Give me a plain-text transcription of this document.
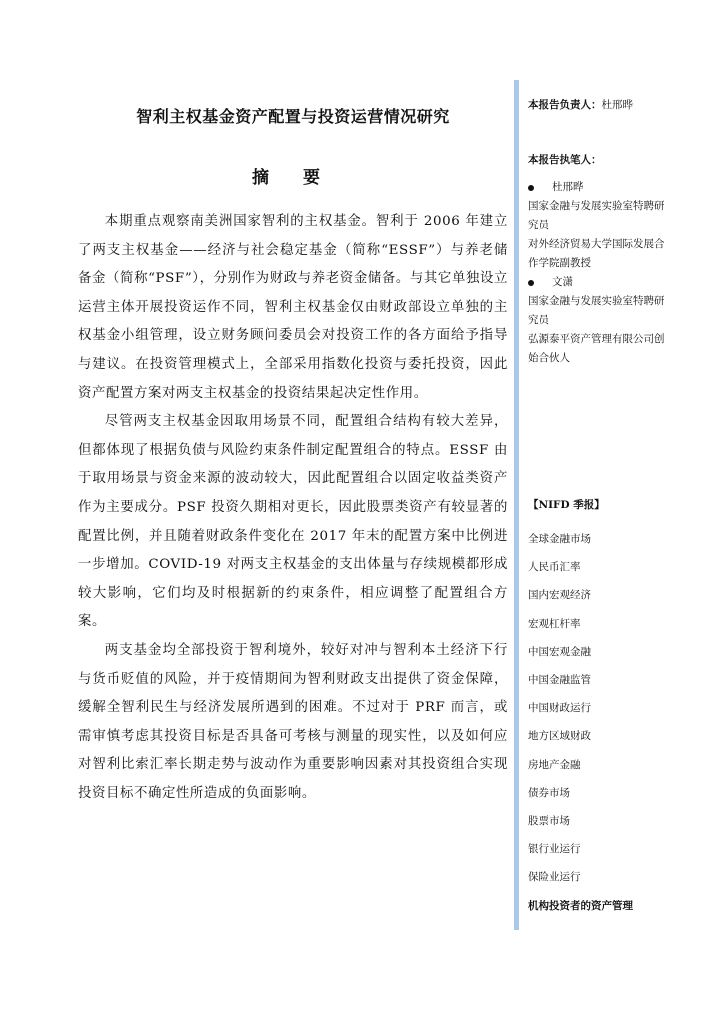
智利主权基金资产配置与投资运营情况研究
摘 要

本期重点观察南美洲国家智利的主权基金。智利于 2006 年建立了两支主权基金——经济与社会稳定基金（简称“ESSF”）与养老储备金（简称“PSF”），分别作为财政与养老资金储备。与其它单独设立运营主体开展投资运作不同，智利主权基金仅由财政部设立单独的主权基金小组管理，设立财务顾问委员会对投资工作的各方面给予指导与建议。在投资管理模式上，全部采用指数化投资与委托投资，因此资产配置方案对两支主权基金的投资结果起决定性作用。

尽管两支主权基金因取用场景不同，配置组合结构有较大差异，但都体现了根据负债与风险约束条件制定配置组合的特点。ESSF 由于取用场景与资金来源的波动较大，因此配置组合以固定收益类资产作为主要成分。PSF 投资久期相对更长，因此股票类资产有较显著的配置比例，并且随着财政条件变化在 2017 年末的配置方案中比例进一步增加。COVID-19 对两支主权基金的支出体量与存续规模都形成较大影响，它们均及时根据新的约束条件，相应调整了配置组合方案。

两支基金均全部投资于智利境外，较好对冲与智利本土经济下行与货币贬值的风险，并于疫情期间为智利财政支出提供了资金保障，缓解全智利民生与经济发展所遇到的困难。不过对于 PRF 而言，或需审慎考虑其投资目标是否具备可考核与测量的现实性，以及如何应对智利比索汇率长期走势与波动作为重要影响因素对其投资组合实现投资目标不确定性所造成的负面影响。

本报告负责人：杜邢晔
本报告执笔人：
杜邢晔
国家金融与发展实验室特聘研究员
对外经济贸易大学国际发展合作学院副教授
文潇
国家金融与发展实验室特聘研究员
弘源泰平资产管理有限公司创始合伙人
【NIFD 季报】
全球金融市场
人民币汇率
国内宏观经济
宏观杠杆率
中国宏观金融
中国金融监管
中国财政运行
地方区域财政
房地产金融
债券市场
股票市场
银行业运行
保险业运行
机构投资者的资产管理
